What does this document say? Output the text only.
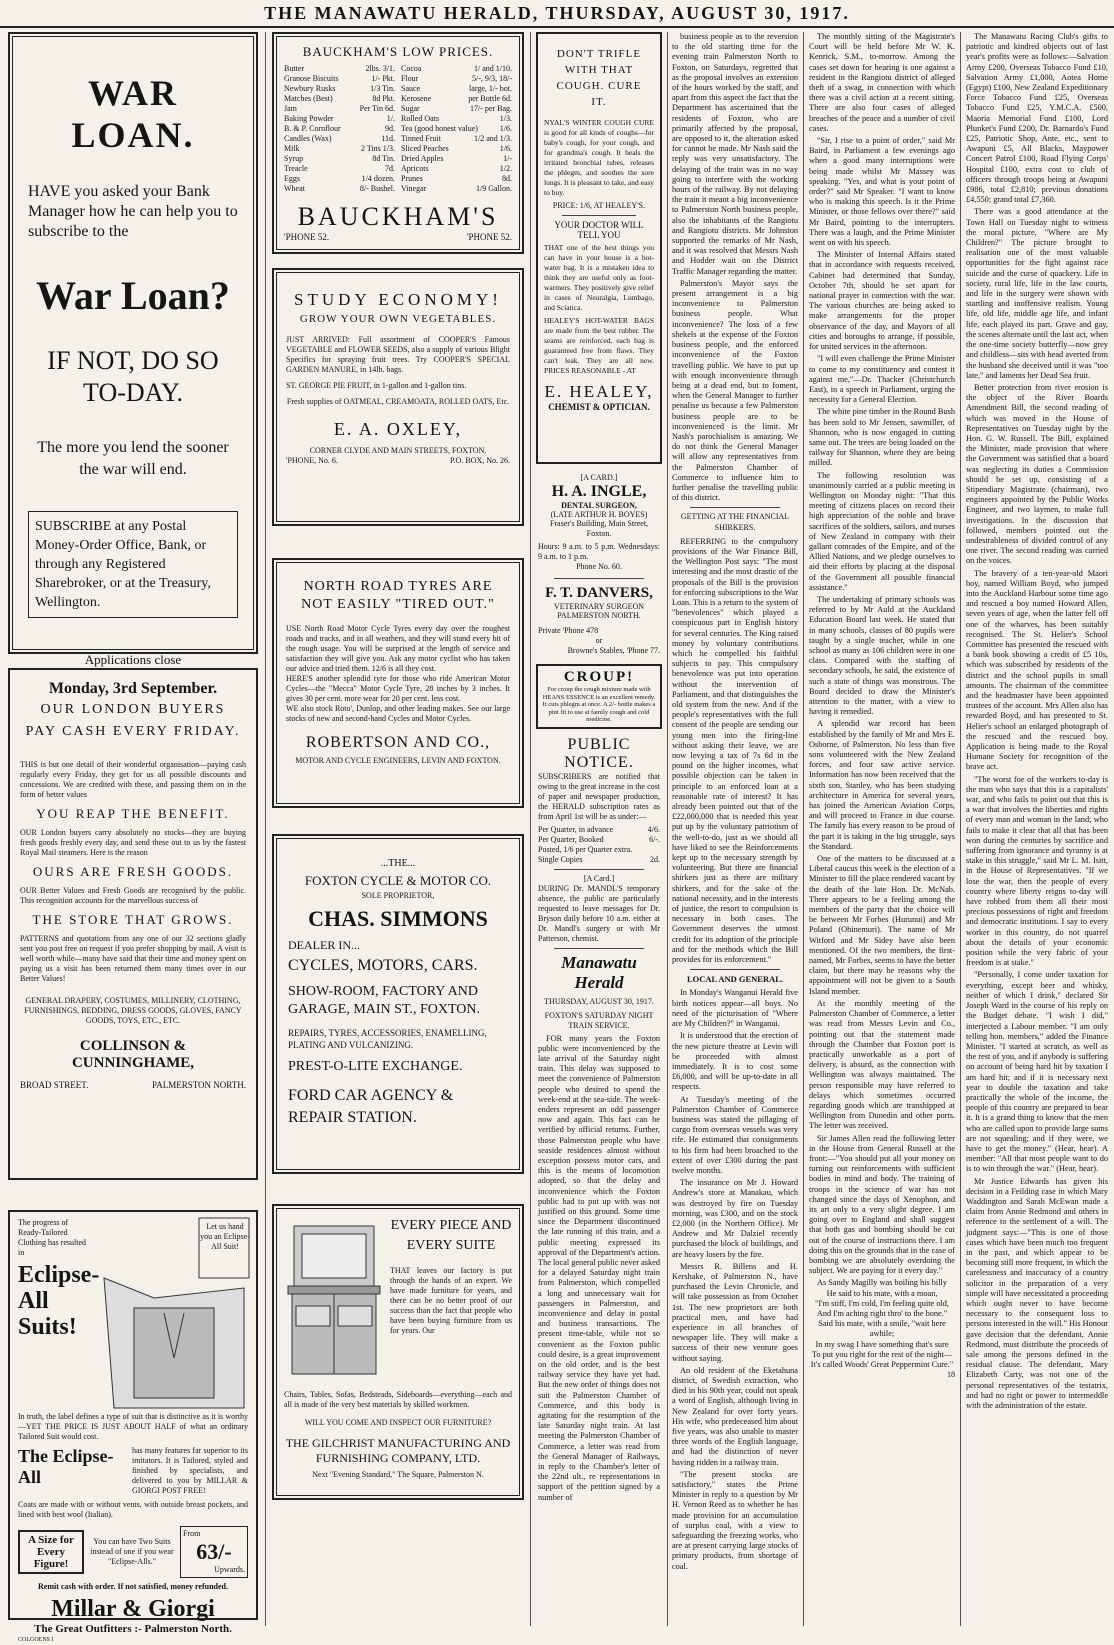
THE MANAWATU HERALD, THURSDAY, AUGUST 30, 1917.
WAR LOAN.
HAVE you asked your Bank Manager how he can help you to subscribe to the
War Loan?
IF NOT, DO SO TO-DAY.
The more you lend the sooner the war will end.
SUBSCRIBE at any Postal Money-Order Office, Bank, or through any Registered Sharebroker, or at the Treasury, Wellington.
Applications close
Monday, 3rd September.
OUR LONDON BUYERS
PAY CASH EVERY FRIDAY.
THIS is but one detail of their wonderful organisation—paying cash regularly every Friday, they get for us all possible discounts and concessions. We are credited with these, and passing them on in the form of better values
YOU REAP THE BENEFIT.
OUR London buyers carry absolutely no stocks—they are buying fresh goods freshly every day, and send these out to us by the fastest Royal Mail steamers. Here is the reason
OURS ARE FRESH GOODS.
OUR Better Values and Fresh Goods are recognised by the public. This recognition accounts for the marvellous success of
THE STORE THAT GROWS.
PATTERNS and quotations from any one of our 32 sections gladly sent you post free on request if you prefer shopping by mail. A visit is well worth while—many have said that their time and money spent on paying us a visit has been returned them many times over in our Better Values!
GENERAL DRAPERY, COSTUMES, MILLINERY, CLOTHING, FURNISHINGS, BEDDING, DRESS GOODS, GLOVES, FANCY GOODS, TOYS, ETC., ETC.
COLLINSON & CUNNINGHAME,
BROAD STREET.	PALMERSTON NORTH.
The progress of Ready-Tailored Clothing has resulted in
Eclipse-All Suits!
Let us hand you an Eclipse-All Suit!
In truth, the label defines a type of suit that is distinctive as it is worthy—YET THE PRICE IS JUST ABOUT HALF of what an ordinary Tailored Suit would cost.
The Eclipse-All
has many features far superior to its imitators. It is Tailored, styled and finished by specialists, and delivered to you by MILLAR & GIORGI POST FREE!
Coats are made with or without vents, with outside breast pockets, and lined with best wool (Italian).
A Size for Every Figure!
You can have Two Suits instead of one if you wear "Eclipse-Alls."
From
63/-
Upwards.
Remit cash with order. If not satisfied, money refunded.
Millar & Giorgi
The Great Outfitters :- Palmerston North.
COLGOENS I
BAUCKHAM'S LOW PRICES.
2lbs. 3/1.
Butter
1/- Pkt.
Granose Biscuits
1/3 Tin.
Newbury Rusks
8d Pkt.
Matches (Best)
Per Tin 6d.
Jam
1/.
Baking Powder
9d.
B. & P. Cornflour
11d.
Candles (Wax)
2 Tins 1/3.
Milk
8d Tin.
Syrup
7d.
Treacle
1/4 dozen.
Eggs
8/- Bushel.
Wheat
1/ and 1/10.
Cocoa
5/-, 9/3, 18/-
Flour
large, 1/- bot.
Sauce
per Bottle 6d.
Kerosene
17/- per Bag.
Sugar
1/3.
Rolled Oats
1/6.
Tea (good honest value)
1/2 and 1/3.
Tinned Fruit
1/6.
Sliced Peaches
1/-
Dried Apples
1/2.
Apricots
8d.
Prunes
1/9 Gallon.
Vinegar
BAUCKHAM'S
'PHONE 52.	'PHONE 52.
STUDY ECONOMY!
GROW YOUR OWN VEGETABLES.
JUST ARRIVED: Full assortment of COOPER'S Famous VEGETABLE and FLOWER SEEDS, also a supply of various Blight Specifics for spraying fruit trees. Try COOPER'S SPECIAL GARDEN MANURE, in 14lb. bags.
ST. GEORGE PIE FRUIT, in 1-gallon and 1-gallon tins.
Fresh supplies of OATMEAL, CREAMOATA, ROLLED OATS, Etc.
E. A. OXLEY,
CORNER CLYDE AND MAIN STREETS, FOXTON.
'PHONE, No. 6.	P.O. BOX, No. 26.
NORTH ROAD TYRES ARE NOT EASILY "TIRED OUT."
USE North Road Motor Cycle Tyres every day over the roughest roads and tracks, and in all weathers, and they will stand every bit of the rough usage. You will be surprised at the length of service and satisfaction they will give you. Ask any motor cyclist who has taken our advice and tried them. 12/6 is all they cost.
HERE'S another splendid tyre for those who ride American Motor Cycles—the "Mecca" Motor Cycle Tyre, 28 inches by 3 inches. It gives 30 per cent. more wear for 20 per cent. less cost.
WE also stock Roto', Dunlop, and other leading makes. See our large stocks of new and second-hand Cycles and Motor Cycles.
ROBERTSON AND CO.,
MOTOR AND CYCLE ENGINEERS, LEVIN AND FOXTON.
...THE...
FOXTON CYCLE & MOTOR CO.
SOLE PROPRIETOR,
CHAS. SIMMONS
DEALER IN...
CYCLES, MOTORS, CARS.
SHOW-ROOM, FACTORY AND GARAGE, MAIN ST., FOXTON.
REPAIRS, TYRES, ACCESSORIES, ENAMELLING, PLATING AND VULCANIZING.
PREST-O-LITE EXCHANGE.
FORD CAR AGENCY & REPAIR STATION.
EVERY PIECE AND EVERY SUITE
THAT leaves our factory is put through the hands of an expert. We have made furniture for years, and there can be no better proof of our success than the fact that people who have been buying furniture from us for years. Our
Chairs, Tables, Sofas, Bedsteads, Sideboards—everything—each and all is made of the very best materials by skilled workmen.
WILL YOU COME AND INSPECT OUR FURNITURE?
THE GILCHRIST MANUFACTURING AND FURNISHING COMPANY, LTD.
Next "Evening Standard," The Square, Palmerston N.
DON'T TRIFLE WITH THAT COUGH. CURE IT.
NYAL'S WINTER COUGH CURE is good for all kinds of coughs—for baby's cough, for your cough, and for grandma's cough. It heals the irritated bronchial tubes, releases the phlegm, and soothes the sore lungs. It is pleasant to take, and easy to buy.
PRICE: 1/6, AT HEALEY'S.
YOUR DOCTOR WILL TELL YOU
THAT one of the best things you can have in your house is a hot-water bag. It is a mistaken idea to think they are useful only as foot-warmers. They positively give relief in cases of Neuralgia, Lumbago, and Sciatica.
HEALEY'S HOT-WATER BAGS are made from the best rubber. The seams are reinforced, each bag is guaranteed free from flaws. They can't leak. They are all new. PRICES REASONABLE - AT
E. HEALEY,
CHEMIST & OPTICIAN.
[A CARD.]
H. A. INGLE,
DENTAL SURGEON,
(LATE ARTHUR H. BOYES)
Fraser's Building, Main Street, Foxton.
Hours: 9 a.m. to 5 p.m. Wednesdays: 9 a.m. to 1 p.m.
Phone No. 60.
F. T. DANVERS,
VETERINARY SURGEON
PALMERSTON NORTH.
Private 'Phone 478
or
Browne's Stables, 'Phone 77.
CROUP!
For croup the cough mixture made with HEANS ESSENCE is an excellent remedy. It cuts phlegm at once. A 2/- bottle makes a pint fit to use at family cough and cold medicine.
PUBLIC NOTICE.
SUBSCRIBERS are notified that owing to the great increase in the cost of paper and newspaper production, the HERALD subscription rates as from April 1st will be as under:—
Per Quarter, in advance	4/6.
Per Quarter, Booked	6/-.
Posted, 1/6 per Quarter extra.
Single Copies	2d.
[A Card.]
DURING Dr. MANDL'S temporary absence, the public are particularly requested to leave messages for Dr. Bryson daily before 10 a.m. either at Dr. Mandl's surgery or with Mr Patterson, chemist.
Manawatu Herald
THURSDAY, AUGUST 30, 1917.
FOXTON'S SATURDAY NIGHT TRAIN SERVICE.

FOR many years the Foxton public were inconvenienced by the late arrival of the Saturday night train. This delay was supposed to meet the convenience of Palmerston people who desired to spend the week-end at the sea-side. The week-enders represent an odd passenger now and again. This fact can be verified by official returns. Further, those Palmerston people who have seaside residences almost without exception possess motor cars, and this is the means of locomotion adopted, so that the delay and inconvenience which the Foxton public had to put up with was not justified on this ground. Some time since the Department discontinued the late running of this train, and a public meeting expressed its approval of the Department's action. The local general public never asked for a delayed Saturday night train from Palmerston, which compelled a long and unnecessary wait for passengers in Palmerston, and inconvenience and delay in postal and business transactions. The present time-table, while not so convenient as the Foxton public could desire, is a great improvement on the old order, and is the best railway service they have yet had. But the new order of things does not suit the Palmerston Chamber of Commerce, and this body is agitating for the resumption of the late Saturday night train. At last meeting the Palmerston Chamber of Commerce, a letter was read from the General Manager of Railways, in reply to the Chamber's letter of the 22nd ult., re representations in support of the petition signed by a number of

business people as to the reversion to the old starting time for the evening train Palmerston North to Foxton, on Saturdays, regretted that as the proposal involves an extension of the hours worked by the staff, and apart from this aspect the fact that the Department has ascertained that the residents of Foxton, who are primarily affected by the proposal, are opposed to it, the alteration asked for cannot be made. Mr Nash said the reply was very unsatisfactory. The delaying of the train was in no way going to interfere with the working hours of the railway. By not delaying the train it meant a big inconvenience to Palmerston North business people, also the inhabitants of the Rangiotu and Rangiotu districts. Mr Johnston supported the remarks of Mr Nash, and it was resolved that Messrs Nash and Hodder wait on the District Traffic Manager regarding the matter.

Palmerston's Mayor says the present arrangement is a big inconvenience to Palmerston business people. What inconvenience? The loss of a few shekels at the expense of the Foxton business people, and the enforced inconvenience of the Foxton travelling public. We have to put up with enough inconvenience through being at a dead end, but to foment, when the General Manager to further penalise us because a few Palmerston business people are to be inconvenienced is the limit. Mr Nash's parochialism is amazing. We do not think the General Manager will allow any representatives from the Palmerston Chamber of Commerce to influence him to further penalise the travelling public of this district.

GETTING AT THE FINANCIAL SHIRKERS.

REFERRING to the compulsory provisions of the War Finance Bill, the Wellington Post says: "The most interesting and the most drastic of the proposals of the Bill is the provision for enforcing subscriptions to the War Loan. This is a return to the system of "benevolences" which played a conspicuous part in English history for several centuries. The King raised money by voluntary contributions which he compelled his faithful subjects to pay. This compulsory benevolence was put into operation without the intervention of Parliament, and that distinguishes the old system from the new. And if the people's representatives with the full consent of the people are sending our young men into the firing-line without asking their leave, we are now levying a tax of 7s 6d in the pound on the higher incomes, what possible objection can be taken in principle to an enforced loan at a reasonable rate of interest? It has already been pointed out that of the £22,000,000 that is needed this year put up by the voluntary patriotism of the well-to-do, just as we should all have liked to see the Reinforcements kept up to the necessary strength by volunteering. But there are financial shirkers just as there are military shirkers, and for the sake of the national necessity, and in the interests of justice, the resort to compulsion is necessary in both cases. The Government deserves the utmost credit for its adoption of the principle and for the methods which the Bill provides for its enforcement."

LOCAL AND GENERAL.

In Monday's Wanganui Herald five birth notices appear—all boys. No need of the picturisation of "Where are My Children?" in Wanganui.

It is understood that the erection of the new picture theatre at Levin will be proceeded with almost immediately. It is to cost some £6,000, and will be up-to-date in all respects.

At Tuesday's meeting of the Palmerston Chamber of Commerce business was stated the pillaging of cargo from overseas vessels was very rife. He estimated that consignments to his firm had been broached to the extent of over £300 during the past twelve months.

The insurance on Mr J. Howard Andrew's store at Manakau, which was destroyed by fire on Tuesday morning, was £300, and on the stock £2,000 (in the Northern Office). Mr Andrew and Mr Dalziel recently purchased the block of buildings, and are heavy losers by the fire.

Messrs R. Billens and H. Kershake, of Palmerston N., have purchased the Levin Chronicle, and will take possession as from October 1st. The new proprietors are both practical men, and have had experience in all branches of newspaper life. They will make a success of their new venture goes without saying.

An old resident of the Eketahuna district, of Swedish extraction, who died in his 90th year, could not speak a word of English, although living in New Zealand for over forty years. His wife, who predeceased him about five years, was also unable to master three words of the English language, and had the distinction of never having ridden in a railway train.

"The present stocks are satisfactory," states the Prime Minister in reply to a question by Mr H. Vernon Reed as to whether he has made provision for an accumulation of surplus coal, with a view to safeguarding the freezing works, who are at present carrying large stocks of primary products, from shortage of coal.

The monthly sitting of the Magistrate's Court will be held before Mr W. K. Kenrick, S.M., to-morrow. Among the cases set down for hearing is one against a resident in the Rangiotu district of alleged theft of a swag, in connection with which there was a civil action at a recent sitting. There are also four cases of alleged breaches of the peace and a number of civil cases.

"Sir, I rise to a point of order," said Mr Baird, in Parliament a few evenings ago when a good many interruptions were being made whilst Mr Massey was speaking. "Yes, and what is your point of order?" said Mr Speaker. "I want to know who is making this speech. Is it the Prime Minister, or those fellows over there?" said Mr Baird, pointing to the interrupters. There was a laugh, and the Prime Minister went on with his speech.

The Minister of Internal Affairs stated that in accordance with requests received, Cabinet had determined that Sunday, October 7th, should be set apart for national prayer in connection with the war. The various churches are being asked to make arrangements for the proper observance of the day, and Mayors of all cities and boroughs to arrange, if possible, for united services in the afternoon.

"I will even challenge the Prime Minister to come to my constituency and contest it against me,"—Dr. Thacker (Christchurch East), in a speech in Parliament, urging the necessity for a General Election.

The white pine timber in the Round Bush has been sold to Mr Jensen, sawmiller, of Shannon, who is now engaged in cutting same out. The trees are being loaded on the railway for Shannon, where they are being milled.

The following resolution was unanimously carried at a public meeting in Wellington on Monday night: "That this meeting of citizens places on record their high appreciation of the noble and brave sacrifices of the soldiers, sailors, and nurses of New Zealand in company with their gallant comrades of the Empire, and of the Allied Nations, and we pledge ourselves to aid their efforts by placing at the disposal of the Government all possible financial assistance."

The undertaking of primary schools was referred to by Mr Auld at the Auckland Education Board last week. He stated that in many schools, classes of 80 pupils were taught by a single teacher, while in one school as many as 106 children were in one class. Compared with the staffing of secondary schools, he said, the existence of such a state of things was monstrous. The Board decided to draw the Minister's attention to the matter, with a view to having it remedied.

A splendid war record has been established by the family of Mr and Mrs E. Osborne, of Palmerston. No less than five sons volunteered with the New Zealand forces, and four saw active service. Information has now been received that the sixth son, Stanley, who has been studying architecture in America for several years, has joined the American Aviation Corps, and will proceed to France in due course. The family has every reason to be proud of the part it is taking in the big struggle, says the Standard.

One of the matters to be discussed at a Liberal caucus this week is the election of a Minister to fill the place rendered vacant by the death of the late Hon. Dr. McNab. There appears to be a feeling among the members of the party that the choice will be between Mr Forbes (Hurunui) and Mr Poland (Ohinemuri). The name of Mr Witford and Mr Sidey have also been mentioned. Of the two members, the first-named, Mr Forbes, seems to have the better claim, but there may be reasons why the appointment will not be given to a South Island member.

At the monthly meeting of the Palmerston Chamber of Commerce, a letter was read from Messrs Levin and Co., pointing out that the statement made through the Chamber that Foxton port is practically unworkable as a port of delivery, is absurd, as the connection with Wellington was always maintained. The person responsible may have referred to delays which sometimes occurred regarding goods which are transhipped at Wellington from Dunedin and other ports. The letter was received.

Sir James Allen read the following letter in the House from General Russell at the front:—"You should put all your money on turning out reinforcements with sufficient bodies in mind and body. The training of troops in the science of war has not changed since the days of Xenophon, and its art only to a very slight degree. I am going over to England and shall suggest that both gas and bombing should be cut out of the course of instructions there. I am doing this on the grounds that in the case of bombing we are absolutely overdoing the subject. We are paying for it every day."

As Sandy Magilly was boiling his billy
He said to his mate, with a moan,
"I'm stiff, I'm cold, I'm feeling quite old,
And I'm aching right thro' to the bone."
Said his mate, with a smile, "wait here awhile;
In my swag I have something that's sure
To put you right for the rest of the night—
It's called Woods' Great Peppermint Cure."
18

The Manawatu Racing Club's gifts to patriotic and kindred objects out of last year's profits were as follows:—Salvation Army £200, Overseas Tobacco Fund £10, Salvation Army £1,000, Aotea Home (Egypt) £100, New Zealand Expeditionary Force Tobacco Fund £25, Overseas Tobacco Fund £25, Y.M.C.A. £500, Maoria Memorial Fund £100, Lord Plunket's Fund £200, Dr. Barnardo's Fund £25, Patriotic Shop, Ante, etc., sent to Awapuni £5, All Blacks, Maypower Concert Patrol £100, Road Flying Corps' Hospital £100, extra cost to club of officers through troops being at Awapuni £986, total £2,810; previous donations £4,550; grand total £7,360.

There was a good attendance at the Town Hall on Tuesday night to witness the moral picture, "Where are My Children?" The picture brought to realisation one of the most valuable opportunities for the fight against race suicide and the curse of quackery. Life in society, rural life, life in the law courts, and life in the surgery were shown with startling and inoffensive realism. Young life, old life, middle age life, and infant life, each played its part. Grave and gay, the scenes alternate until the last act, when the one-time society butterfly—now grey and childless—sits with head averted from the husband she deceived until it was "too late," and laments her Dead Sea fruit.

Better protection from river erosion is the object of the River Boards Amendment Bill, the second reading of which was moved in the House of Representatives on Tuesday night by the Hon. G. W. Russell. The Bill, explained the Minister, made provision that where the Government was satisfied that a board was neglecting its duties a Commission should be set up, consisting of a Stipendiary Magistrate (chairman), two engineers appointed by the Public Works Engineer, and two laymen, to make full investigations. In the discussion that followed, members pointed out the undesirableness of divided control of any one river. The second reading was carried on the voices.

The bravery of a ten-year-old Maori boy, named William Boyd, who jumped into the Auckland Harbour some time ago and rescued a boy named Howard Allen, seven years of age, when the latter fell off one of the wharves, has been suitably recognised. The St. Helier's School Committee has presented the rescued with a bank book showing a credit of £5 10s, which was subscribed by residents of the district and the school pupils in small amounts. The chairman of the committee and the headmaster have been appointed trustees of the account. Mrs Allen also has rewarded Boyd, and has presented to St. Helier's school an enlarged photograph of the rescued and the rescued boy. Application is being made to the Royal Humane Society for recognition of the brave act.

"The worst foe of the workers to-day is the man who says that this is a capitalists' war, and who fails to point out that this is a war that involves the liberties and rights of every man and woman in the land; who fails to make it clear that all that has been won during the centuries by sacrifice and suffering from ignorance and tyranny is at stake in this struggle," said Mr L. M. Isitt, in the House of Representatives. "If we lose the war, then the people of every country where liberty reigns to-day will have robbed from them all their most precious possessions of right and freedom and democratic institutions. I say to every worker in this country, do not quarrel about the details of your economic position while the very fabric of your freedom is at stake."

"Personally, I come under taxation for everything, except beer and whisky, neither of which I drink," declared Sir Joseph Ward in the course of his reply on the Budget debate. "I wish I did," interjected a Labour member. "I am only telling hon. members," added the Finance Minister. "I started at scratch, as well as the rest of you, and if anybody is suffering on account of being hard hit by taxation I am hard hit; and if it is necessary next year to double the taxation and take practically the whole of the income, the people of this country are prepared to bear it. It is a grand thing to know that the men who are called upon to provide large sums are not squealing; and if they were, we have to get the money." (Hear, hear). A member: "All that most people want to do is to win through the war." (Hear, hear).

Mr Justice Edwards has given his decision in a Feilding case in which Mary Waddington and Sarah McEwan made a claim from Annie Redmond and others in reference to the settlement of a will. The judgment says:—"This is one of those cases which have been much too frequent in the past, and which appear to be becoming still more frequent, in which the carelessness and inaccuracy of a country solicitor in the preparation of a very simple will have necessitated a proceeding which ought never to have become necessary to the consequent loss to persons interested in the will." His Honour gave decision that the defendant, Annie Redmond, must distribute the proceeds of sale among the persons defined in the residual clause. The defendant, Mary Elizabeth Carty, was not one of the personal representatives of the testatrix, and had no right or power to intermeddle with the administration of the estate.
